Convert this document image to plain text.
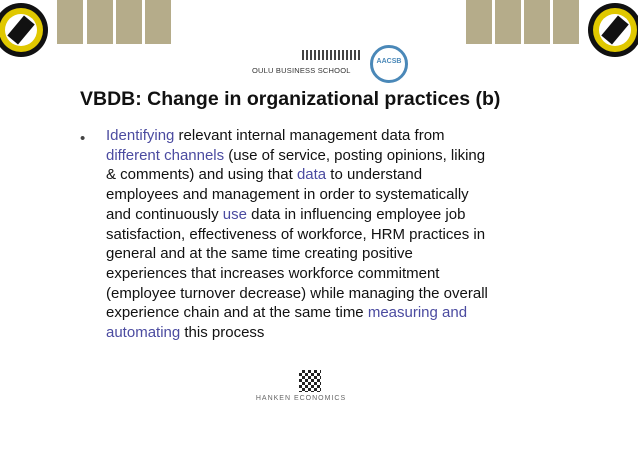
OULU BUSINESS SCHOOL
AACSB
VBDB: Change in organizational practices (b)
• Identifying relevant internal management data from
different channels (use of service, posting opinions, liking
& comments) and using that data to understand
employees and management in order to systematically
and continuously use data in influencing employee job
satisfaction, effectiveness of workforce, HRM practices in
general and at the same time creating positive
experiences that increases workforce commitment
(employee turnover decrease) while managing the overall
experience chain and at the same time measuring and
automating this process
HANKEN ECONOMICS
